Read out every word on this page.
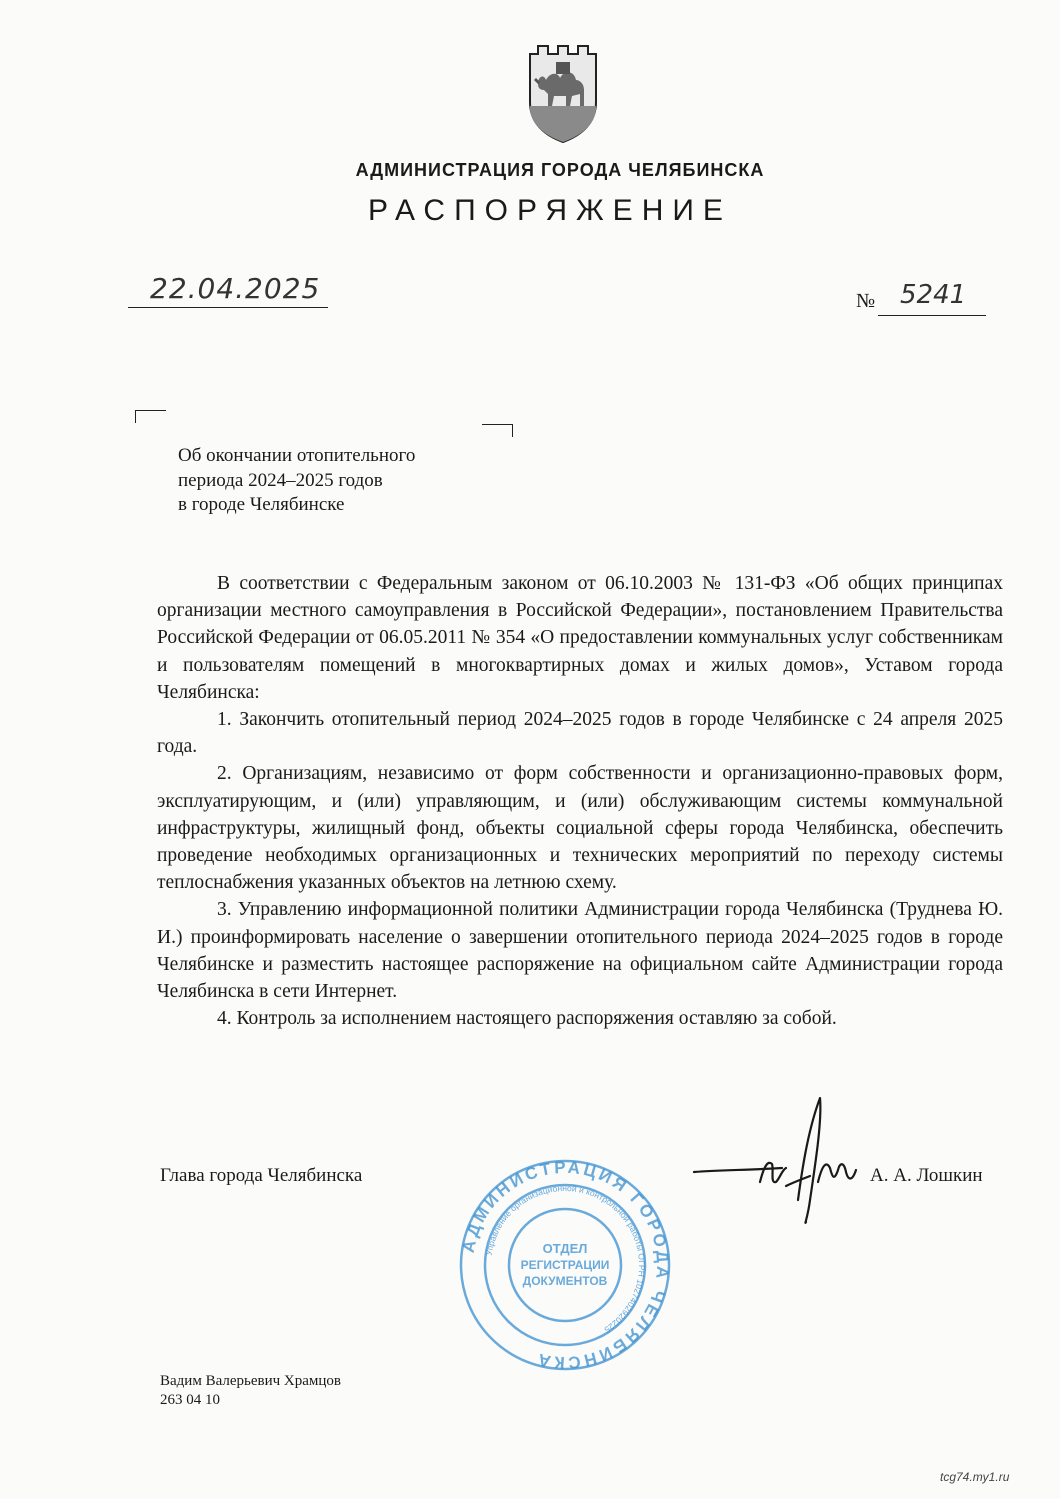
АДМИНИСТРАЦИЯ ГОРОДА ЧЕЛЯБИНСКА
РАСПОРЯЖЕНИЕ
22.04.2025	№ 5241
Об окончании отопительного
периода 2024–2025 годов
в городе Челябинске

В соответствии с Федеральным законом от 06.10.2003 № 131-ФЗ «Об общих принципах организации местного самоуправления в Российской Федерации», постановлением Правительства Российской Федерации от 06.05.2011 № 354 «О предоставлении коммунальных услуг собственникам и пользователям помещений в многоквартирных домах и жилых домов», Уставом города Челябинска:

1. Закончить отопительный период 2024–2025 годов в городе Челябинске с 24 апреля 2025 года.

2. Организациям, независимо от форм собственности и организационно-правовых форм, эксплуатирующим, и (или) управляющим, и (или) обслуживающим системы коммунальной инфраструктуры, жилищный фонд, объекты социальной сферы города Челябинска, обеспечить проведение необходимых организационных и технических мероприятий по переходу системы теплоснабжения указанных объектов на летнюю схему.

3. Управлению информационной политики Администрации города Челябинска (Труднева Ю. И.) проинформировать население о завершении отопительного периода 2024–2025 годов в городе Челябинске и разместить настоящее распоряжение на официальном сайте Администрации города Челябинска в сети Интернет.

4. Контроль за исполнением настоящего распоряжения оставляю за собой.

Глава города Челябинска
АДМИНИСТРАЦИЯ ГОРОДА ЧЕЛЯБИНСКА
Управление организационной и контрольной работы ОГРН 1027402920225
ОТДЕЛ
РЕГИСТРАЦИИ
ДОКУМЕНТОВ
А. А. Лошкин
Вадим Валерьевич Храмцов
263 04 10
tcg74.my1.ru
